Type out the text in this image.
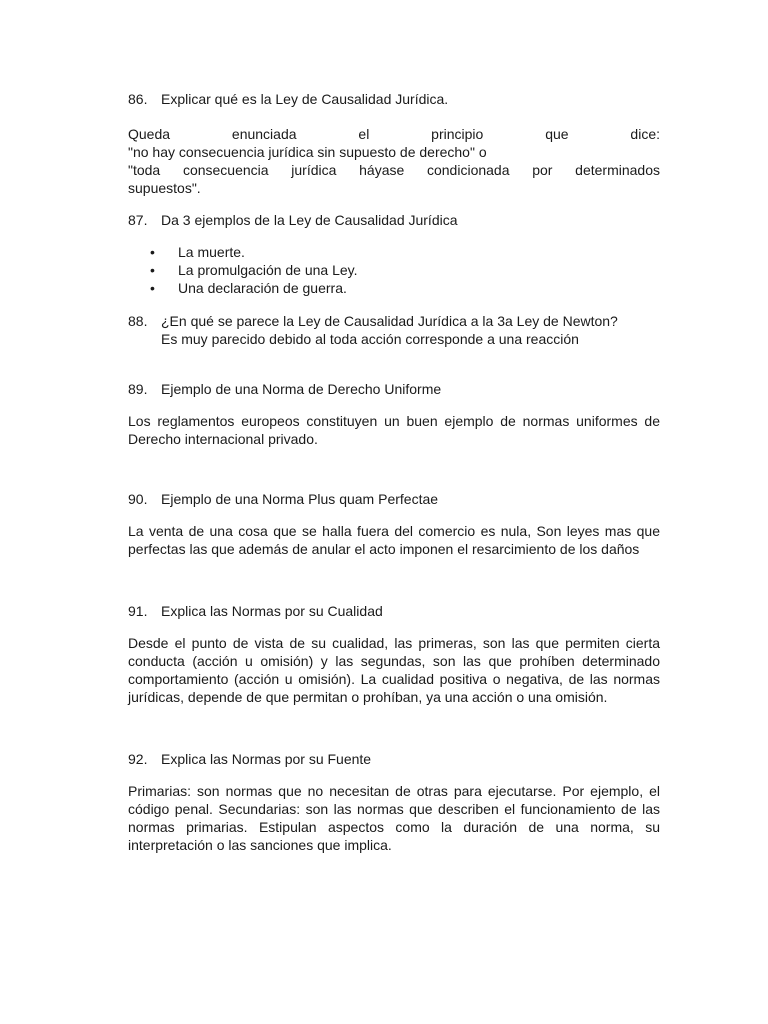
86. Explicar qué es la Ley de Causalidad Jurídica.
Queda enunciada el principio que dice:
"no hay consecuencia jurídica sin supuesto de derecho" o
"toda consecuencia jurídica háyase condicionada por determinados
supuestos".
87. Da 3 ejemplos de la Ley de Causalidad Jurídica
•	La muerte.
•	La promulgación de una Ley.
•	Una declaración de guerra.
88. ¿En qué se parece la Ley de Causalidad Jurídica a la 3a Ley de Newton?
Es muy parecido debido al toda acción corresponde a una reacción
89. Ejemplo de una Norma de Derecho Uniforme
Los reglamentos europeos constituyen un buen ejemplo de normas uniformes de Derecho internacional privado.
90. Ejemplo de una Norma Plus quam Perfectae
La venta de una cosa que se halla fuera del comercio es nula, Son leyes mas que perfectas las que además de anular el acto imponen el resarcimiento de los daños
91. Explica las Normas por su Cualidad
Desde el punto de vista de su cualidad, las primeras, son las que permiten cierta conducta (acción u omisión) y las segundas, son las que prohíben determinado comportamiento (acción u omisión). La cualidad positiva o negativa, de las normas jurídicas, depende de que permitan o prohíban, ya una acción o una omisión.
92. Explica las Normas por su Fuente
Primarias: son normas que no necesitan de otras para ejecutarse. Por ejemplo, el código penal. Secundarias: son las normas que describen el funcionamiento de las normas primarias. Estipulan aspectos como la duración de una norma, su interpretación o las sanciones que implica.
